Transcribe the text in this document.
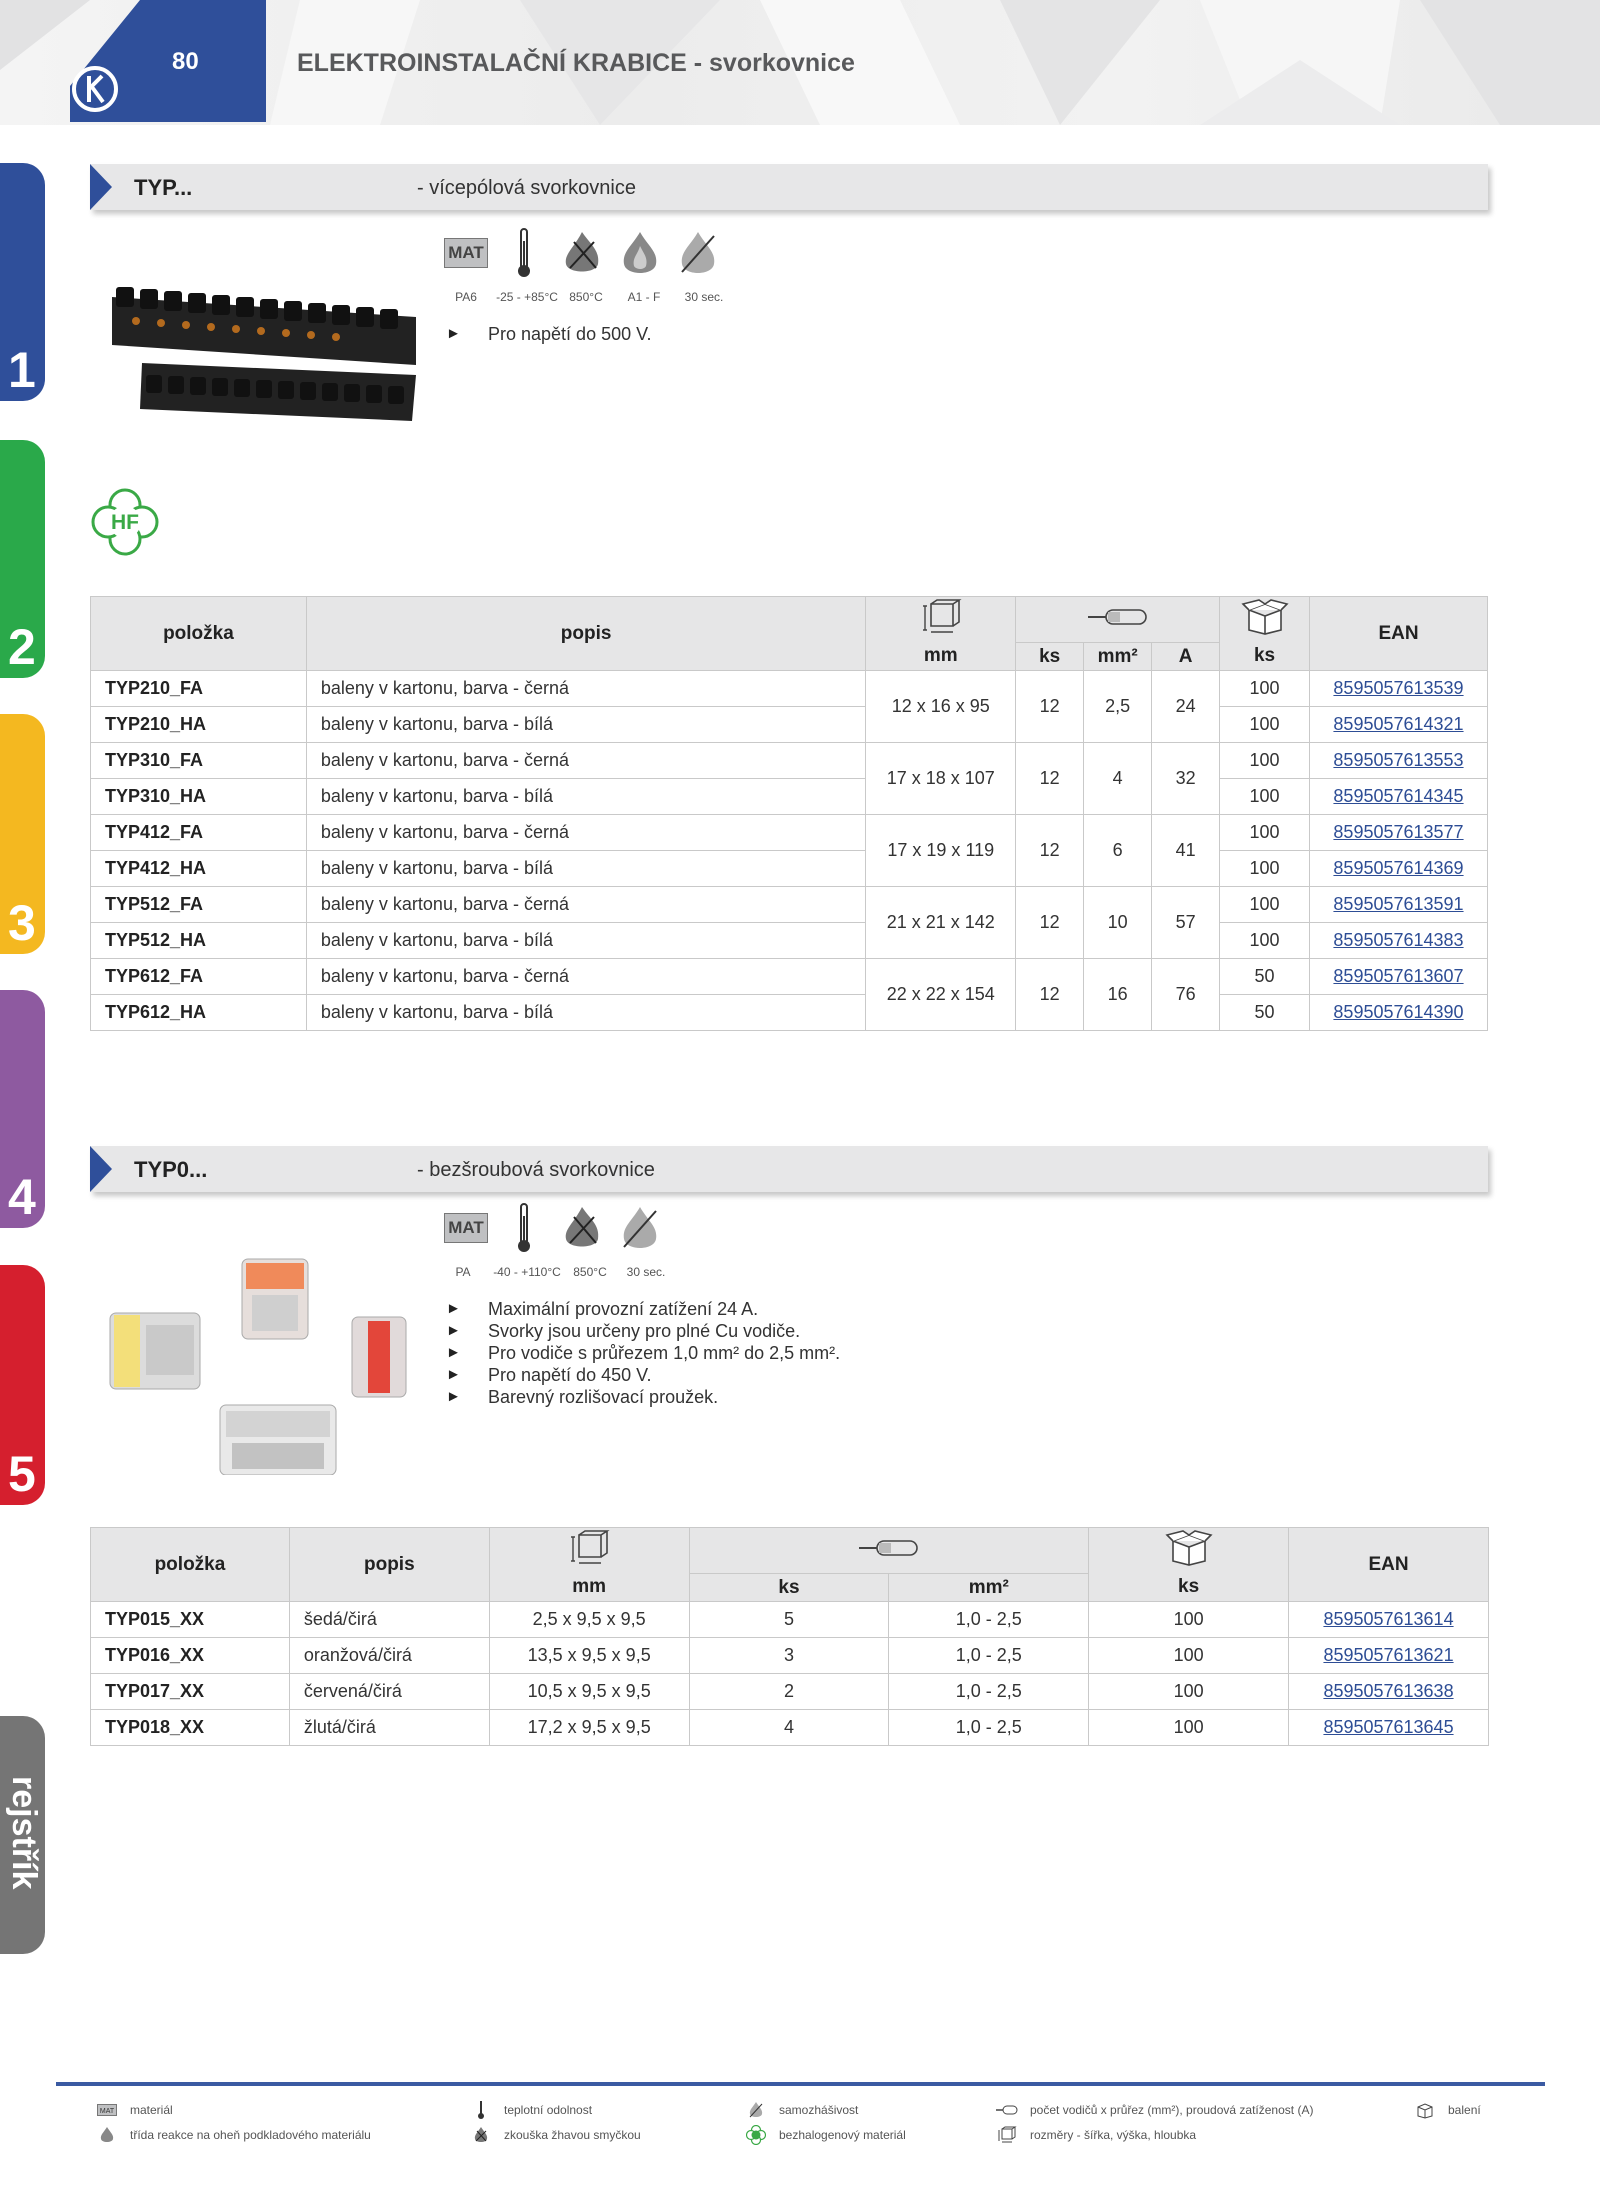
80	ELEKTROINSTALAČNÍ KRABICE - svorkovnice
1
2
3
4
5
rejstřík
TYP...	- vícepólová svorkovnice
MAT
PA6	-25 - +85°C 850°C	A1 - F	30 sec.
► Pro napětí do 500 V.
HF
položka	popis						EAN
		mm	ks	mm²	A	ks	
TYP210_FA	baleny v kartonu, barva - černá	12 x 16 x 95	12	2,5	24	100	8595057613539
TYP210_HA	baleny v kartonu, barva - bílá					100	8595057614321
TYP310_FA	baleny v kartonu, barva - černá	17 x 18 x 107	12	4	32	100	8595057613553
TYP310_HA	baleny v kartonu, barva - bílá					100	8595057614345
TYP412_FA	baleny v kartonu, barva - černá	17 x 19 x 119	12	6	41	100	8595057613577
TYP412_HA	baleny v kartonu, barva - bílá					100	8595057614369
TYP512_FA	baleny v kartonu, barva - černá	21 x 21 x 142	12	10	57	100	8595057613591
TYP512_HA	baleny v kartonu, barva - bílá					100	8595057614383
TYP612_FA	baleny v kartonu, barva - černá	22 x 22 x 154	12	16	76	50	8595057613607
TYP612_HA	baleny v kartonu, barva - bílá					50	8595057614390
TYP0...	- bezšroubová svorkovnice
MAT
PA	-40 - +110°C	850°C	30 sec.
► Maximální provozní zatížení 24 A.
► Svorky jsou určeny pro plné Cu vodiče.
► Pro vodiče s průřezem 1,0 mm² do 2,5 mm².
► Pro napětí do 450 V.
► Barevný rozlišovací proužek.
položka	popis					EAN
		mm	ks	mm²	ks	
TYP015_XX	šedá/čirá	2,5 x 9,5 x 9,5	5	1,0 - 2,5	100	8595057613614
TYP016_XX	oranžová/čirá	13,5 x 9,5 x 9,5	3	1,0 - 2,5	100	8595057613621
TYP017_XX	červená/čirá	10,5 x 9,5 x 9,5	2	1,0 - 2,5	100	8595057613638
TYP018_XX	žlutá/čirá	17,2 x 9,5 x 9,5	4	1,0 - 2,5	100	8595057613645
MAT materiál
třída reakce na oheň podkladového materiálu
teplotní odolnost
zkouška žhavou smyčkou
samozhášivost
bezhalogenový materiál
počet vodičů x průřez (mm²), proudová zatíženost (A)
rozměry - šířka, výška, hloubka
balení
